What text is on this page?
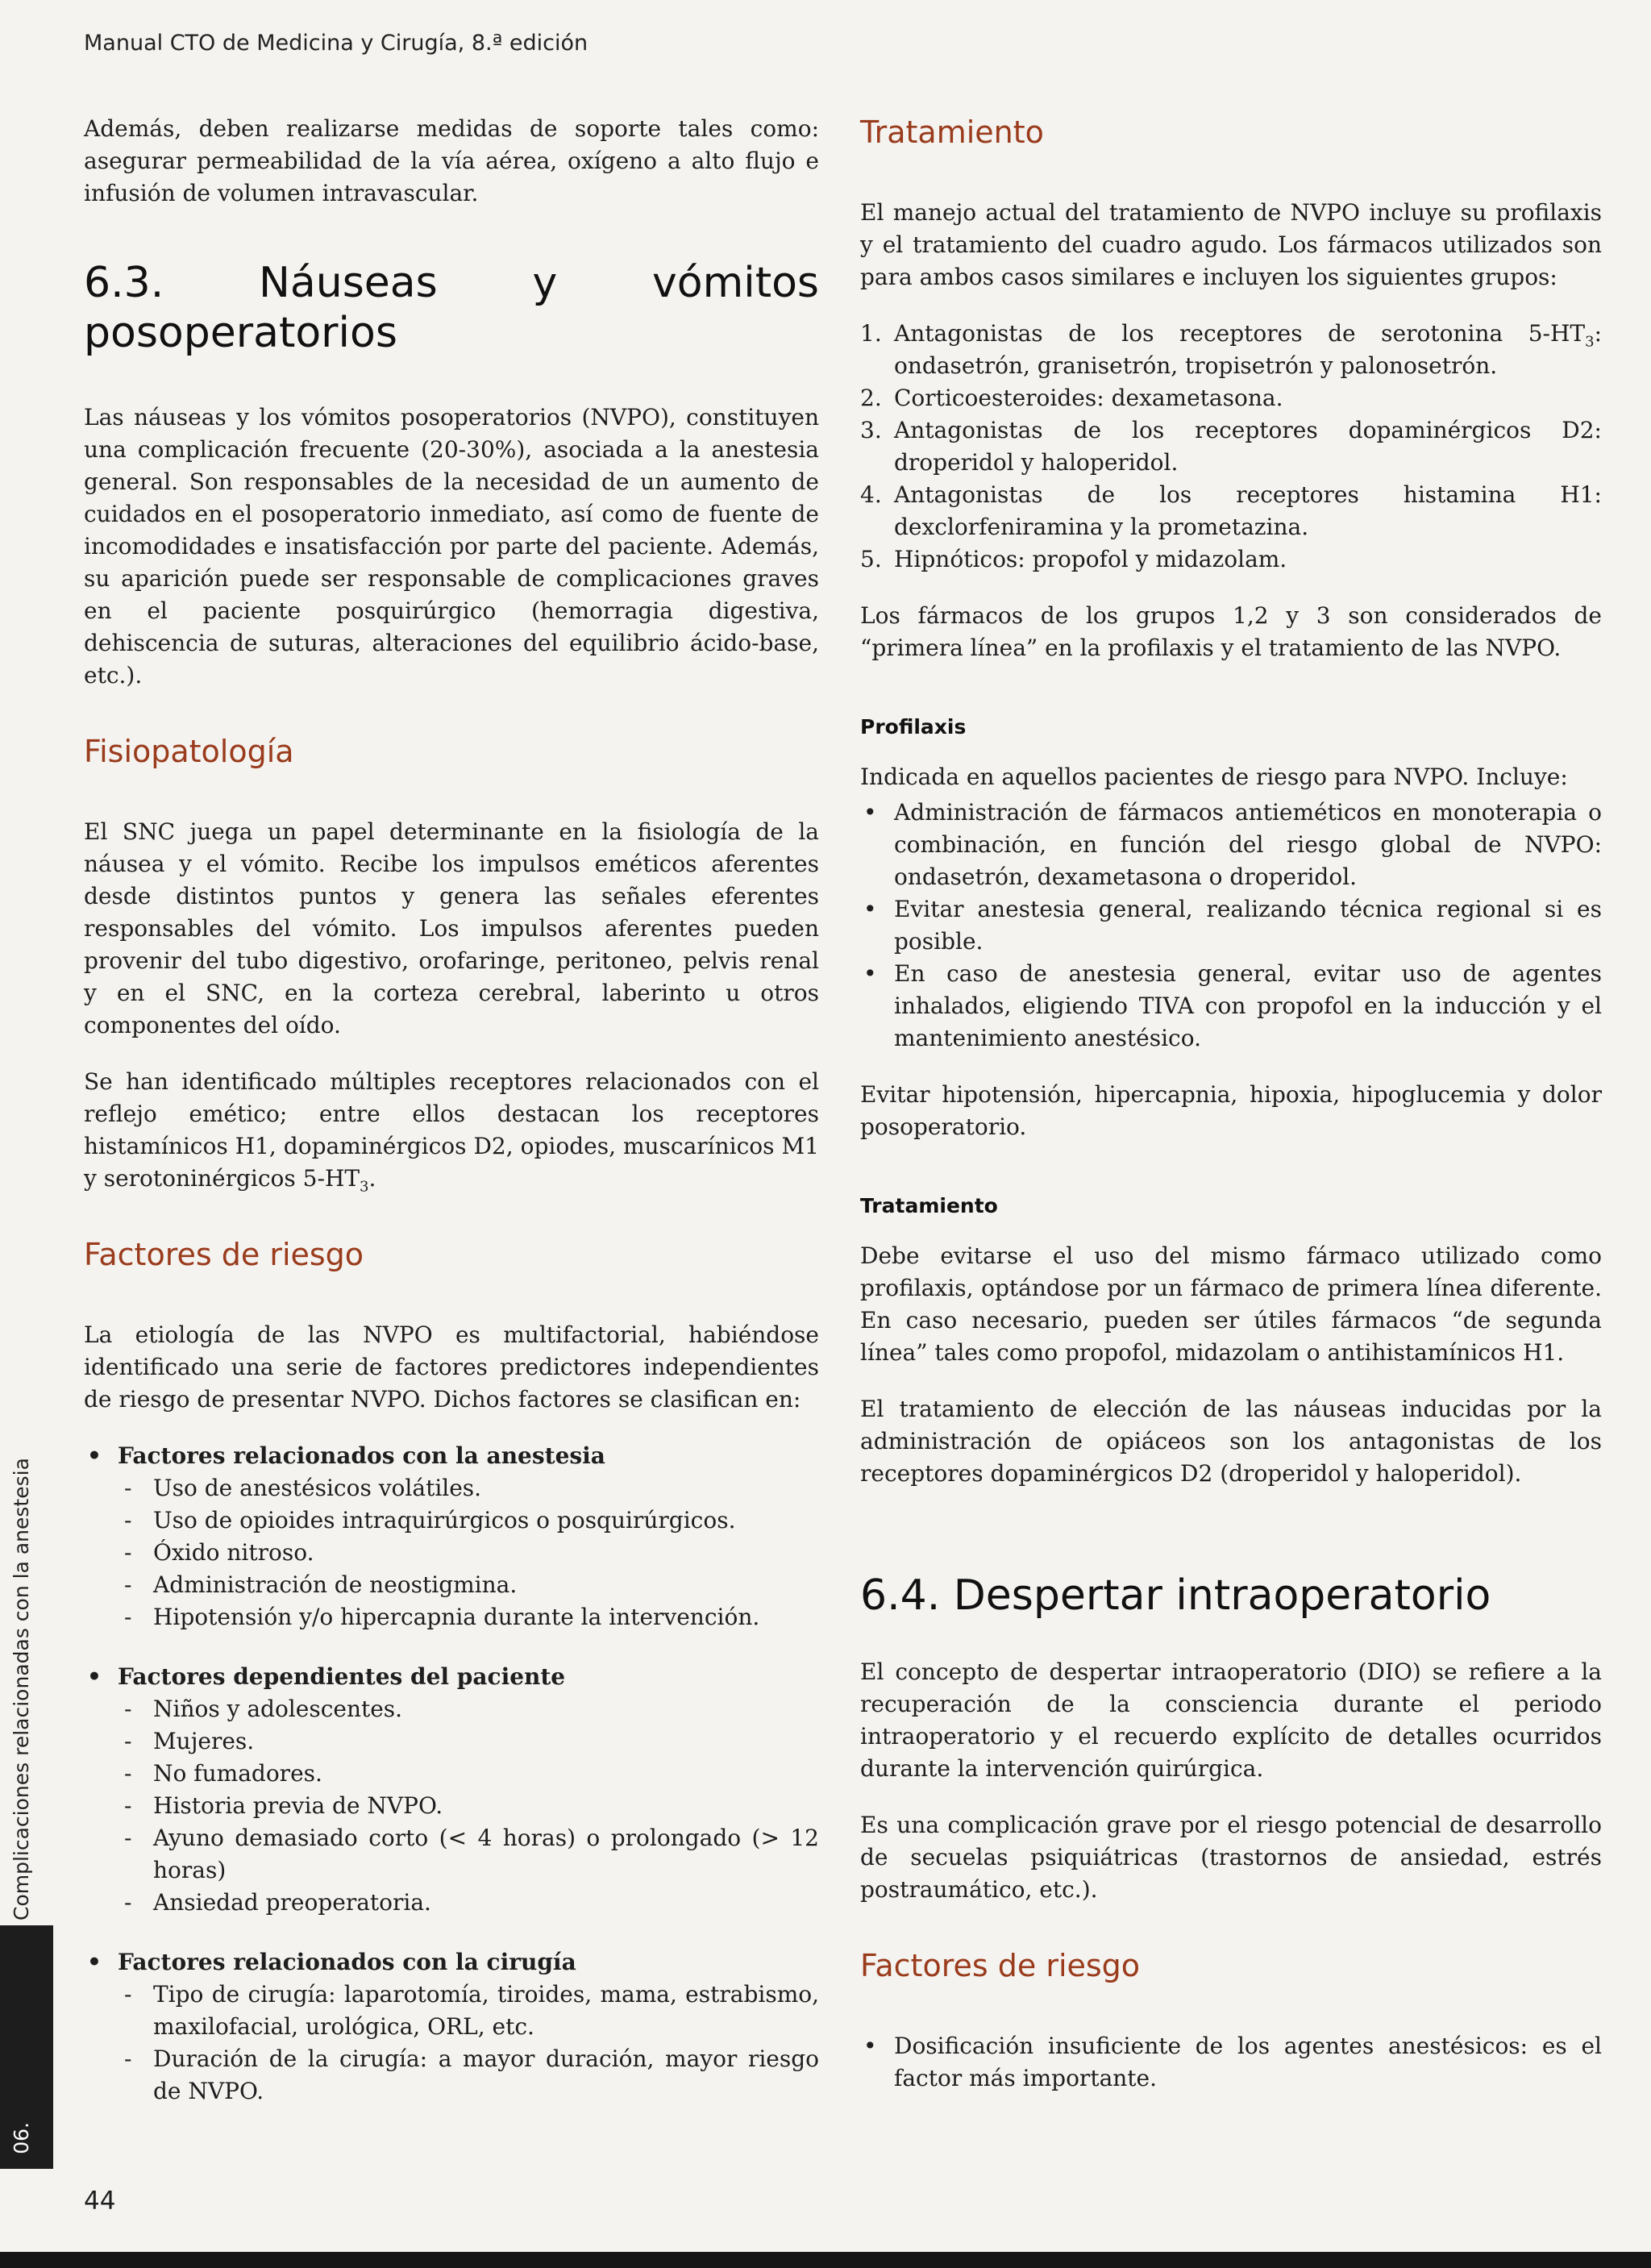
Manual CTO de Medicina y Cirugía, 8.ª edición
Complicaciones relacionadas con la anestesia
06.

Además, deben realizarse medidas de soporte tales como: asegurar permeabilidad de la vía aérea, oxígeno a alto flujo e infusión de volumen intravascular.

6.3. Náuseas y vómitos posoperatorios

Las náuseas y los vómitos posoperatorios (NVPO), constituyen una complicación frecuente (20-30%), asociada a la anestesia general. Son responsables de la necesidad de un aumento de cuidados en el posoperatorio inmediato, así como de fuente de incomodidades e insatisfacción por parte del paciente. Además, su aparición puede ser responsable de complicaciones graves en el paciente posquirúrgico (hemorragia digestiva, dehiscencia de suturas, alteraciones del equilibrio ácido-base, etc.).

Fisiopatología

El SNC juega un papel determinante en la fisiología de la náusea y el vómito. Recibe los impulsos eméticos aferentes desde distintos puntos y genera las señales eferentes responsables del vómito. Los impulsos aferentes pueden provenir del tubo digestivo, orofaringe, peritoneo, pelvis renal y en el SNC, en la corteza cerebral, laberinto u otros componentes del oído.

Se han identificado múltiples receptores relacionados con el reflejo emético; entre ellos destacan los receptores histamínicos H1, dopaminérgicos D2, opiodes, muscarínicos M1 y serotoninérgicos $5-HT_3$.

Factores de riesgo

La etiología de las NVPO es multifactorial, habiéndose identificado una serie de factores predictores independientes de riesgo de presentar NVPO. Dichos factores se clasifican en:

• Factores relacionados con la anestesia
- Uso de anestésicos volátiles.
- Uso de opioides intraquirúrgicos o posquirúrgicos.
- Óxido nitroso.
- Administración de neostigmina.
- Hipotensión y/o hipercapnia durante la intervención.
• Factores dependientes del paciente
- Niños y adolescentes.
- Mujeres.
- No fumadores.
- Historia previa de NVPO.
- Ayuno demasiado corto (< 4 horas) o prolongado (> 12 horas)
- Ansiedad preoperatoria.
• Factores relacionados con la cirugía
- Tipo de cirugía: laparotomía, tiroides, mama, estrabismo, maxilofacial, urológica, ORL, etc.
- Duración de la cirugía: a mayor duración, mayor riesgo de NVPO.
Tratamiento

El manejo actual del tratamiento de NVPO incluye su profilaxis y el tratamiento del cuadro agudo. Los fármacos utilizados son para ambos casos similares e incluyen los siguientes grupos:

1. Antagonistas de los receptores de serotonina $5-HT_3$: ondasetrón, granisetrón, tropisetrón y palonosetrón.
2. Corticoesteroides: dexametasona.
3. Antagonistas de los receptores dopaminérgicos D2: droperidol y haloperidol.
4. Antagonistas de los receptores histamina H1: dexclorfeniramina y la prometazina.
5. Hipnóticos: propofol y midazolam.

Los fármacos de los grupos 1,2 y 3 son considerados de “primera línea” en la profilaxis y el tratamiento de las NVPO.

Profilaxis

Indicada en aquellos pacientes de riesgo para NVPO. Incluye:

• Administración de fármacos antieméticos en monoterapia o combinación, en función del riesgo global de NVPO: ondasetrón, dexametasona o droperidol.
• Evitar anestesia general, realizando técnica regional si es posible.
• En caso de anestesia general, evitar uso de agentes inhalados, eligiendo TIVA con propofol en la inducción y el mantenimiento anestésico.

Evitar hipotensión, hipercapnia, hipoxia, hipoglucemia y dolor posoperatorio.

Tratamiento

Debe evitarse el uso del mismo fármaco utilizado como profilaxis, optándose por un fármaco de primera línea diferente. En caso necesario, pueden ser útiles fármacos “de segunda línea” tales como propofol, midazolam o antihistamínicos H1.

El tratamiento de elección de las náuseas inducidas por la administración de opiáceos son los antagonistas de los receptores dopaminérgicos D2 (droperidol y haloperidol).

6.4. Despertar intraoperatorio

El concepto de despertar intraoperatorio (DIO) se refiere a la recuperación de la consciencia durante el periodo intraoperatorio y el recuerdo explícito de detalles ocurridos durante la intervención quirúrgica.

Es una complicación grave por el riesgo potencial de desarrollo de secuelas psiquiátricas (trastornos de ansiedad, estrés postraumático, etc.).

Factores de riesgo
• Dosificación insuficiente de los agentes anestésicos: es el factor más importante.
44
